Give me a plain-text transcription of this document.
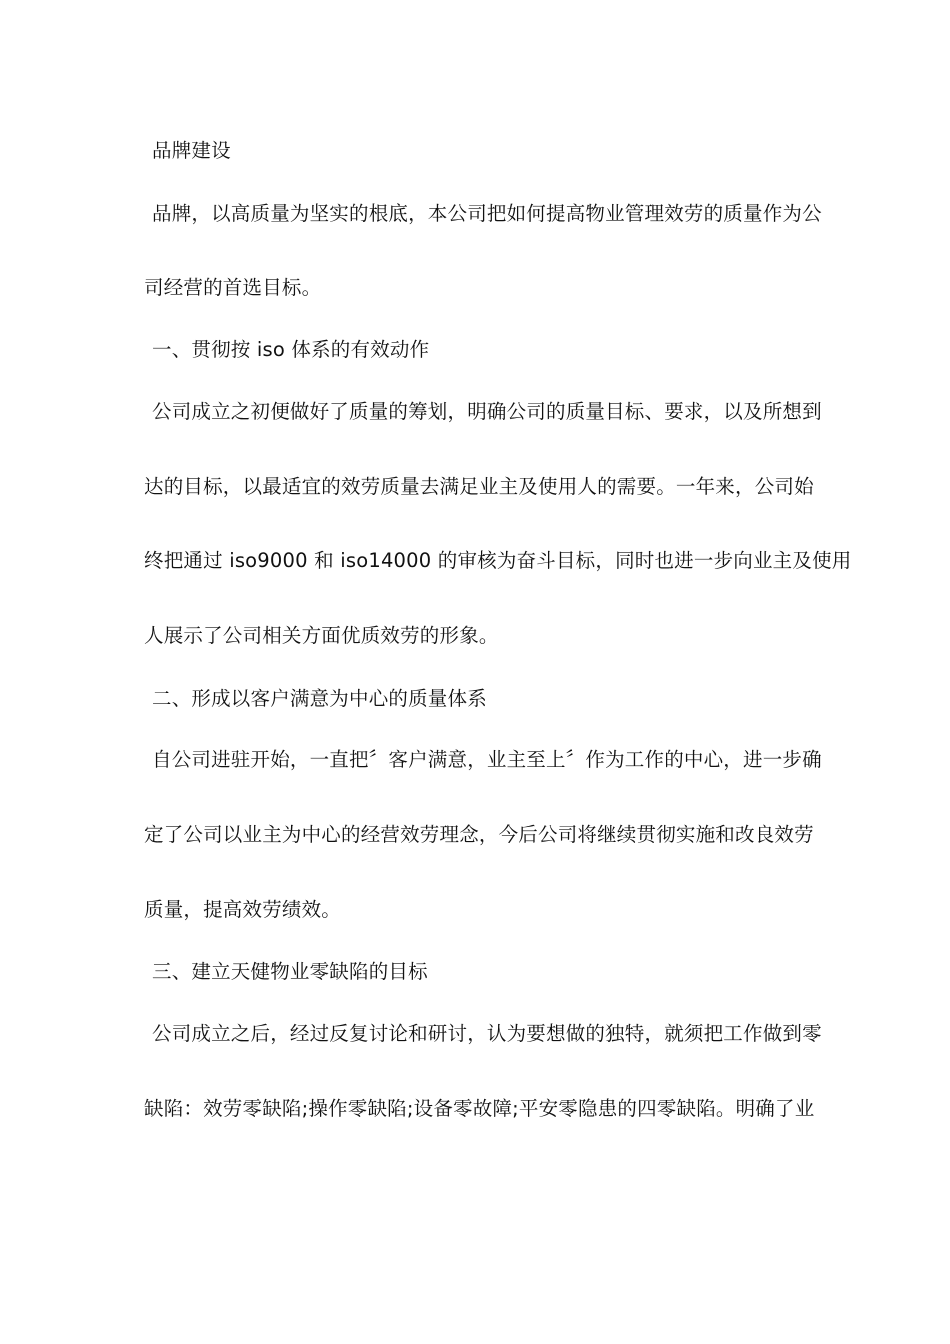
品牌建设
品牌，以高质量为坚实的根底，本公司把如何提高物业管理效劳的质量作为公
司经营的首选目标。
一、贯彻按 iso 体系的有效动作
公司成立之初便做好了质量的筹划，明确公司的质量目标、要求，以及所想到
达的目标，以最适宜的效劳质量去满足业主及使用人的需要。一年来，公司始
终把通过 iso9000 和 iso14000 的审核为奋斗目标，同时也进一步向业主及使用
人展示了公司相关方面优质效劳的形象。
二、形成以客户满意为中心的质量体系
自公司进驻开始，一直把〞客户满意，业主至上〞作为工作的中心，进一步确
定了公司以业主为中心的经营效劳理念，今后公司将继续贯彻实施和改良效劳
质量，提高效劳绩效。
三、建立天健物业零缺陷的目标
公司成立之后，经过反复讨论和研讨，认为要想做的独特，就须把工作做到零
缺陷：效劳零缺陷;操作零缺陷;设备零故障;平安零隐患的四零缺陷。明确了业
